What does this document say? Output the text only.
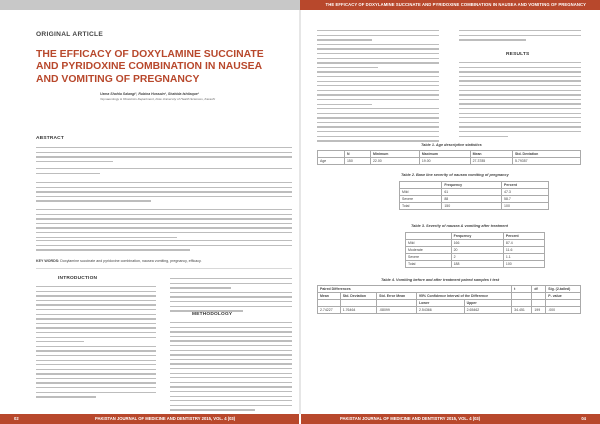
THE EFFICACY OF DOXYLAMINE SUCCINATE AND PYRIDOXINE COMBINATION IN NAUSEA AND VOMITING OF PREGNANCY
ORIGINAL ARTICLE
THE EFFICACY OF DOXYLAMINE SUCCINATE AND PYRIDOXINE COMBINATION IN NAUSEA AND VOMITING OF PREGNANCY
Uzma Shahla Salangi¹, Rubina Hussain¹, Shahida Ishtiaque¹
¹Gynaecology & Obstetrics Department, Dow University of Health Sciences, Karachi
ABSTRACT
KEY WORDS: Doxylamine succinate and pyridoxine combination, nausea vomiting, pregnancy, efficacy.
INTRODUCTION
METHODOLOGY
RESULTS
Table 1. Age descriptive statistics
	N	Minimum	Maximum	Mean	Std. Deviation
Age	150	22.00	19.00	27.3785	5.79357
Table 2. Base line severity of nausea vomiting of pregnancy
	Frequency	Percent
Mild	61	47.3
Severe	88	58.7
Total	150	100
Table 3. Severity of nausea & vomiting after treatment
	Frequency	Percent
Mild	166	87.4
Moderate	20	11.6
Severe	2	1.1
Total	188	100
Table 4. Vomiting before and after treatment paired samples t test
Paired Differences					t	df	Sig. (2-tailed)
Mean	Std. Deviation	Std. Error Mean	95% Confidence Interval of the Difference				P- value
			Lower	Upper			
2.74227	1.76464	.08099	2.54366	2.65462	34.451	199	.000
02	PAKISTAN JOURNAL OF MEDICINE AND DENTISTRY 2015, VOL. 4 (03)	PAKISTAN JOURNAL OF MEDICINE AND DENTISTRY 2015, VOL. 4 (03)	04
